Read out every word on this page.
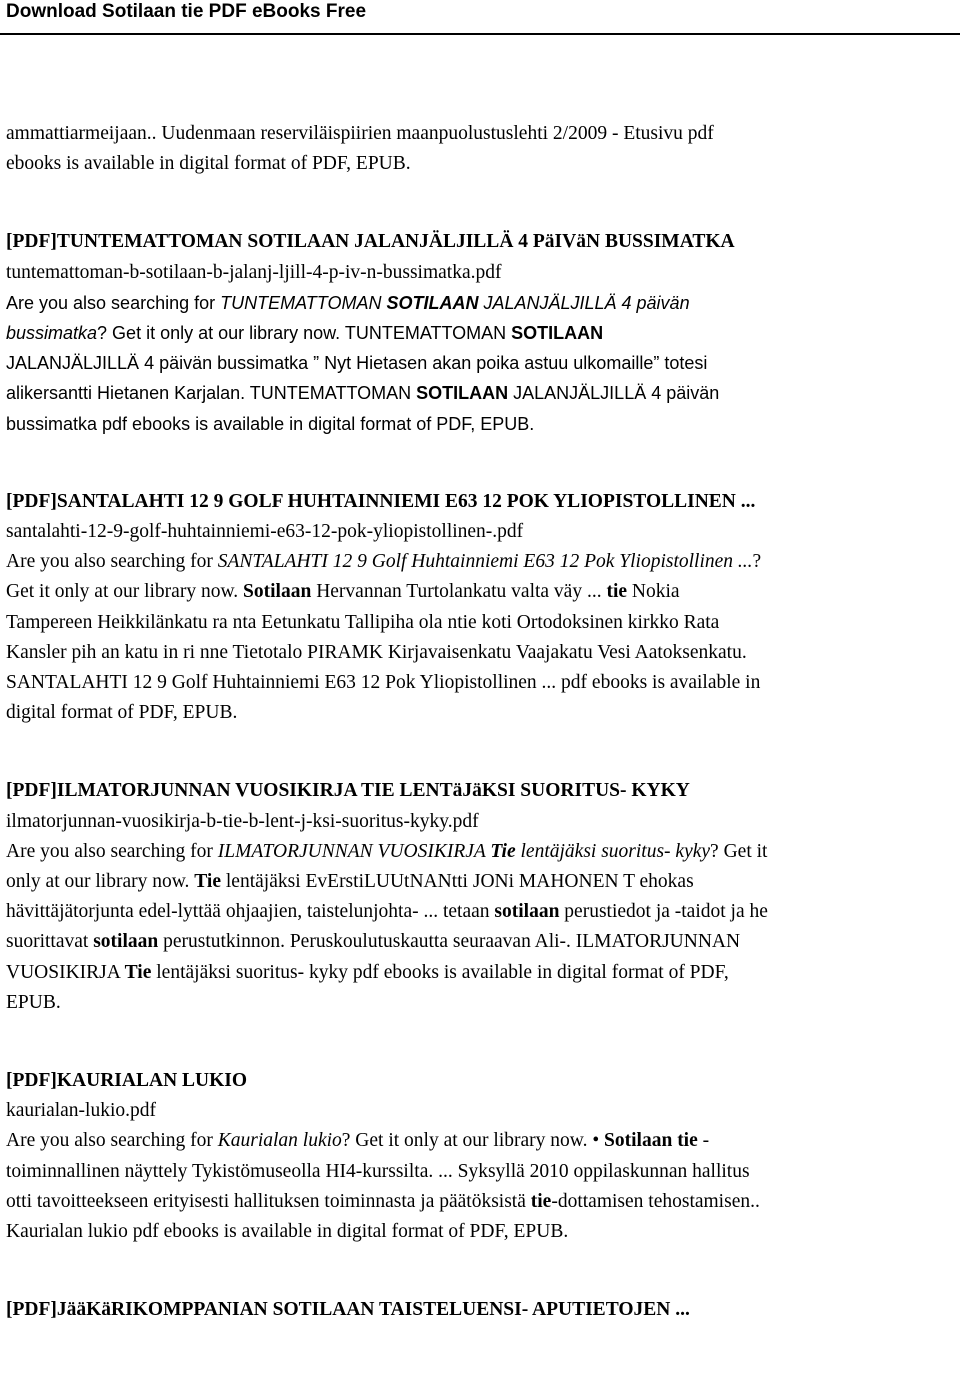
Download Sotilaan tie PDF eBooks Free

ammattiarmeijaan.. Uudenmaan reserviläispiirien maanpuolustuslehti 2/2009 - Etusivu pdf

ebooks is available in digital format of PDF, EPUB.

[PDF]TUNTEMATTOMAN SOTILAAN JALANJÄLJILLÄ 4 PäIVäN BUSSIMATKA

tuntemattoman-b-sotilaan-b-jalanj-ljill-4-p-iv-n-bussimatka.pdf

Are you also searching for TUNTEMATTOMAN SOTILAAN JALANJÄLJILLÄ 4 päivän

bussimatka? Get it only at our library now. TUNTEMATTOMAN SOTILAAN

JALANJÄLJILLÄ 4 päivän bussimatka ” Nyt Hietasen akan poika astuu ulkomaille” totesi

alikersantti Hietanen Karjalan. TUNTEMATTOMAN SOTILAAN JALANJÄLJILLÄ 4 päivän

bussimatka pdf ebooks is available in digital format of PDF, EPUB.

[PDF]SANTALAHTI 12 9 GOLF HUHTAINNIEMI E63 12 POK YLIOPISTOLLINEN ...

santalahti-12-9-golf-huhtainniemi-e63-12-pok-yliopistollinen-.pdf

Are you also searching for SANTALAHTI 12 9 Golf Huhtainniemi E63 12 Pok Yliopistollinen ...?

Get it only at our library now. Sotilaan Hervannan Turtolankatu valta väy ... tie Nokia

Tampereen Heikkilänkatu ra nta Eetunkatu Tallipiha ola ntie koti Ortodoksinen kirkko Rata

Kansler pih an katu in ri nne Tietotalo PIRAMK Kirjavaisenkatu Vaajakatu Vesi Aatoksenkatu.

SANTALAHTI 12 9 Golf Huhtainniemi E63 12 Pok Yliopistollinen ... pdf ebooks is available in

digital format of PDF, EPUB.

[PDF]ILMATORJUNNAN VUOSIKIRJA TIE LENTäJäKSI SUORITUS- KYKY

ilmatorjunnan-vuosikirja-b-tie-b-lent-j-ksi-suoritus-kyky.pdf

Are you also searching for ILMATORJUNNAN VUOSIKIRJA Tie lentäjäksi suoritus- kyky? Get it

only at our library now. Tie lentäjäksi EvErstiLUUtNANtti JONi MAHONEN T ehokas

hävittäjätorjunta edel-lyttää ohjaajien, taistelunjohta- ... tetaan sotilaan perustiedot ja -taidot ja he

suorittavat sotilaan perustutkinnon. Peruskoulutuskautta seuraavan Ali-. ILMATORJUNNAN

VUOSIKIRJA Tie lentäjäksi suoritus- kyky pdf ebooks is available in digital format of PDF,

EPUB.

[PDF]KAURIALAN LUKIO

kaurialan-lukio.pdf

Are you also searching for Kaurialan lukio? Get it only at our library now. • Sotilaan tie -

toiminnallinen näyttely Tykistömuseolla HI4-kurssilta. ... Syksyllä 2010 oppilaskunnan hallitus

otti tavoitteekseen erityisesti hallituksen toiminnasta ja päätöksistä tie-dottamisen tehostamisen..

Kaurialan lukio pdf ebooks is available in digital format of PDF, EPUB.

[PDF]JääKäRIKOMPPANIAN SOTILAAN TAISTELUENSI- APUTIETOJEN ...
